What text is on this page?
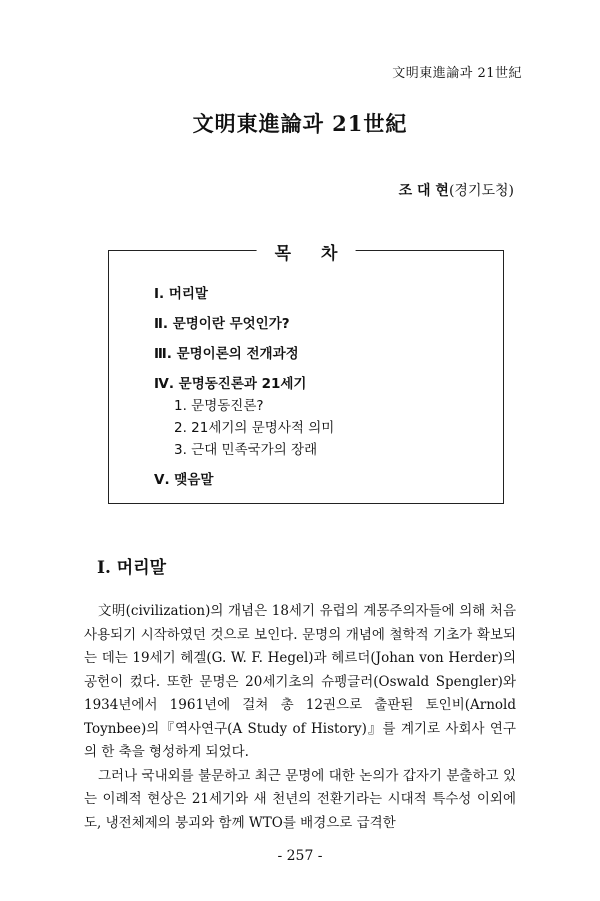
文明東進論과 21世紀
文明東進論과 21世紀
조 대 현(경기도청)
목차
Ⅰ. 머리말
Ⅱ. 문명이란 무엇인가?
Ⅲ. 문명이론의 전개과정
Ⅳ. 문명동진론과 21세기
1. 문명동진론?
2. 21세기의 문명사적 의미
3. 근대 민족국가의 장래
Ⅴ. 맺음말
Ⅰ. 머리말

文明(civilization)의 개념은 18세기 유럽의 계몽주의자들에 의해 처음 사용되기 시작하였던 것으로 보인다. 문명의 개념에 철학적 기초가 확보되는 데는 19세기 헤겔(G. W. F. Hegel)과 헤르더(Johan von Herder)의 공헌이 컸다. 또한 문명은 20세기초의 슈펭글러(Oswald Spengler)와 1934년에서 1961년에 걸쳐 총 12권으로 출판된 토인비(Arnold Toynbee)의『역사연구(A Study of History)』를 계기로 사회사 연구의 한 축을 형성하게 되었다.

그러나 국내외를 불문하고 최근 문명에 대한 논의가 갑자기 분출하고 있는 이례적 현상은 21세기와 새 천년의 전환기라는 시대적 특수성 이외에도, 냉전체제의 붕괴와 함께 WTO를 배경으로 급격한

- 257 -
